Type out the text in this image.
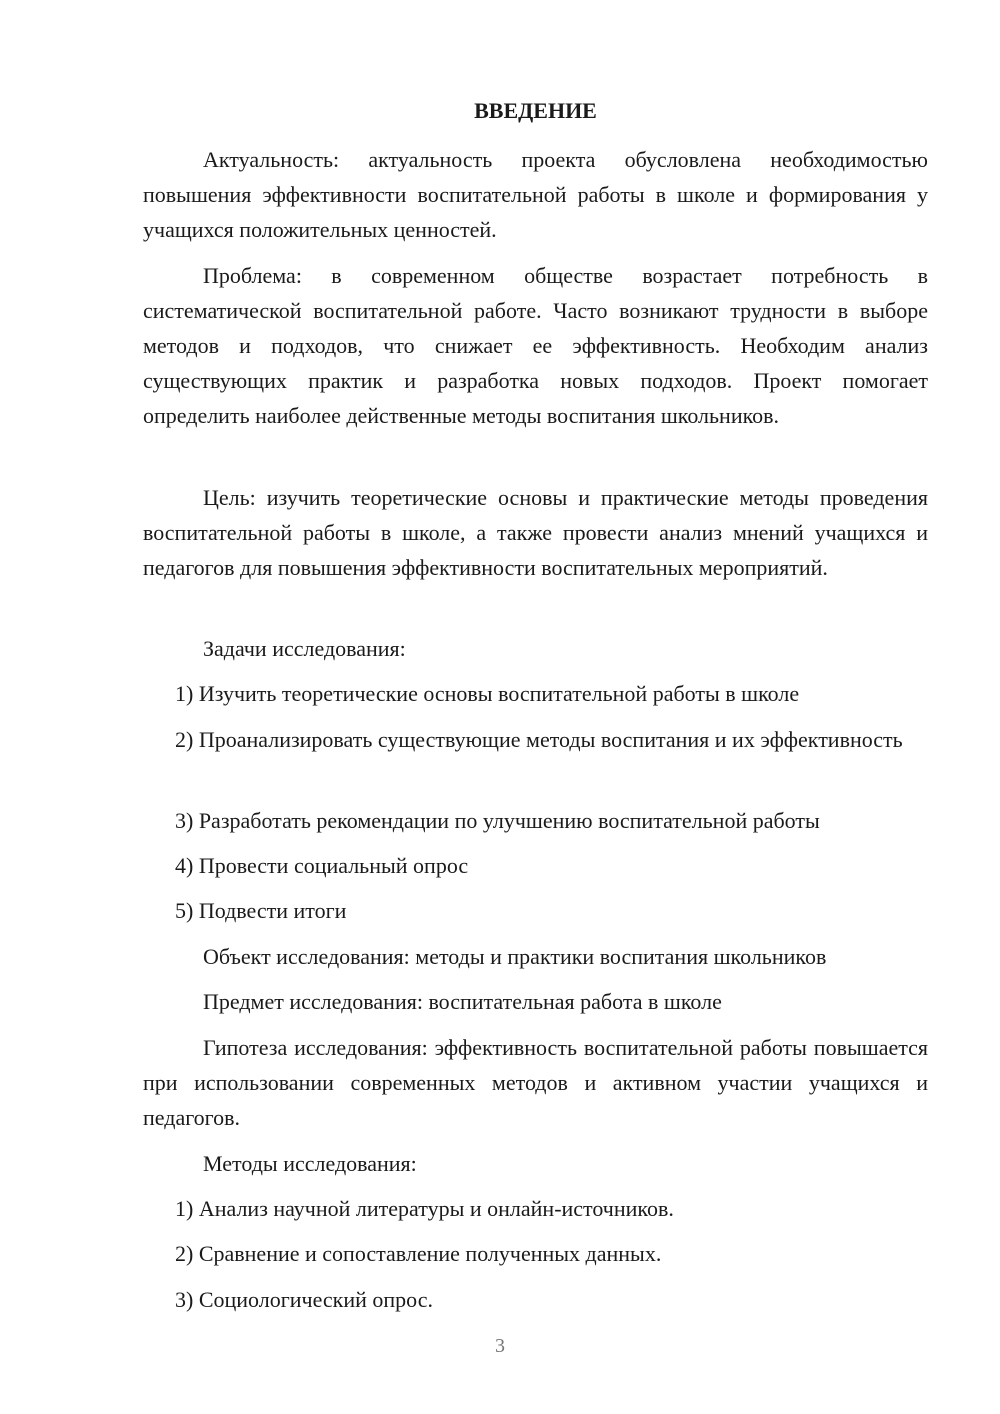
ВВЕДЕНИЕ
Актуальность: актуальность проекта обусловлена необходимостью повышения эффективности воспитательной работы в школе и формирования у учащихся положительных ценностей.
Проблема: в современном обществе возрастает потребность в систематической воспитательной работе. Часто возникают трудности в выборе методов и подходов, что снижает ее эффективность. Необходим анализ существующих практик и разработка новых подходов. Проект помогает определить наиболее действенные методы воспитания школьников.
Цель: изучить теоретические основы и практические методы проведения воспитательной работы в школе, а также провести анализ мнений учащихся и педагогов для повышения эффективности воспитательных мероприятий.
Задачи исследования:
1) Изучить теоретические основы воспитательной работы в школе
2) Проанализировать существующие методы воспитания и их эффективность
3) Разработать рекомендации по улучшению воспитательной работы
4) Провести социальный опрос
5) Подвести итоги
Объект исследования: методы и практики воспитания школьников
Предмет исследования: воспитательная работа в школе
Гипотеза исследования: эффективность воспитательной работы повышается при использовании современных методов и активном участии учащихся и педагогов.
Методы исследования:
1) Анализ научной литературы и онлайн-источников.
2) Сравнение и сопоставление полученных данных.
3) Социологический опрос.
3
